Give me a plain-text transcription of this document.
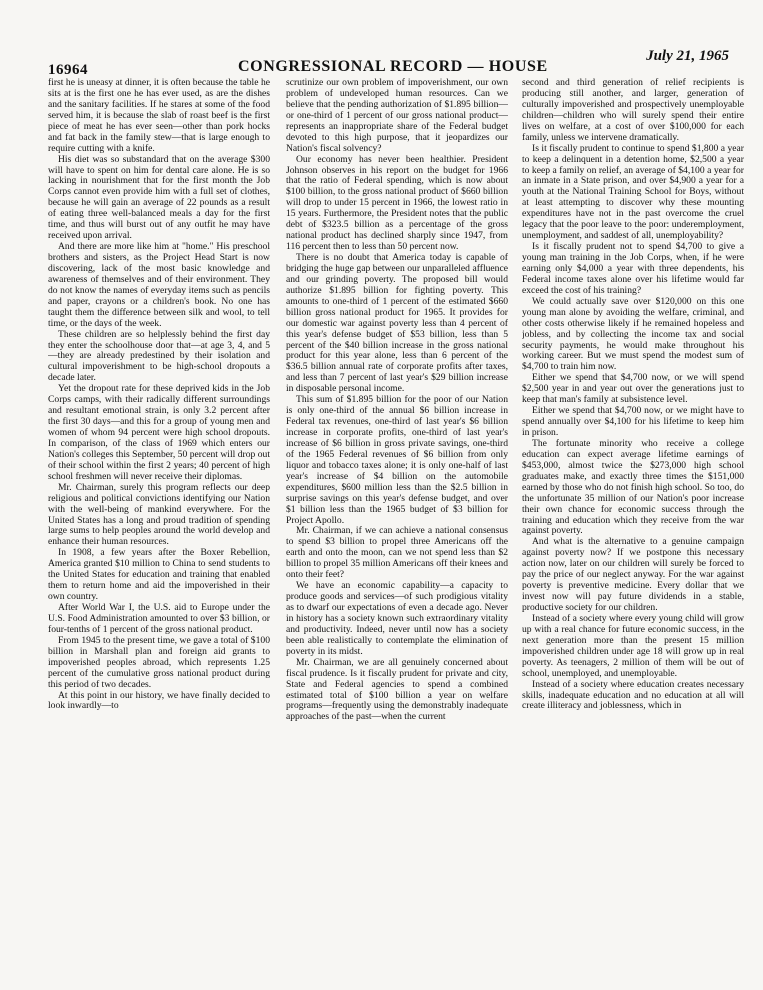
16964	CONGRESSIONAL RECORD — HOUSE
July 21, 1965

first he is uneasy at dinner, it is often because the table he sits at is the first one he has ever used, as are the dishes and the sanitary facilities. If he stares at some of the food served him, it is because the slab of roast beef is the first piece of meat he has ever seen—other than pork hocks and fat back in the family stew—that is large enough to require cutting with a knife.

His diet was so substandard that on the average $300 will have to spent on him for dental care alone. He is so lacking in nourishment that for the first month the Job Corps cannot even provide him with a full set of clothes, because he will gain an average of 22 pounds as a result of eating three well-balanced meals a day for the first time, and thus will burst out of any outfit he may have received upon arrival.

And there are more like him at "home." His preschool brothers and sisters, as the Project Head Start is now discovering, lack of the most basic knowledge and awareness of themselves and of their environment. They do not know the names of everyday items such as pencils and paper, crayons or a children's book. No one has taught them the difference between silk and wool, to tell time, or the days of the week.

These children are so helplessly behind the first day they enter the schoolhouse door that—at age 3, 4, and 5—they are already predestined by their isolation and cultural impoverishment to be high-school dropouts a decade later.

Yet the dropout rate for these deprived kids in the Job Corps camps, with their radically different surroundings and resultant emotional strain, is only 3.2 percent after the first 30 days—and this for a group of young men and women of whom 94 percent were high school dropouts. In comparison, of the class of 1969 which enters our Nation's colleges this September, 50 percent will drop out of their school within the first 2 years; 40 percent of high school freshmen will never receive their diplomas.

Mr. Chairman, surely this program reflects our deep religious and political convictions identifying our Nation with the well-being of mankind everywhere. For the United States has a long and proud tradition of spending large sums to help peoples around the world develop and enhance their human resources.

In 1908, a few years after the Boxer Rebellion, America granted $10 million to China to send students to the United States for education and training that enabled them to return home and aid the impoverished in their own country.

After World War I, the U.S. aid to Europe under the U.S. Food Administration amounted to over $3 billion, or four-tenths of 1 percent of the gross national product.

From 1945 to the present time, we gave a total of $100 billion in Marshall plan and foreign aid grants to impoverished peoples abroad, which represents 1.25 percent of the cumulative gross national product during this period of two decades.

At this point in our history, we have finally decided to look inwardly—to

scrutinize our own problem of impoverishment, our own problem of undeveloped human resources. Can we believe that the pending authorization of $1.895 billion—or one-third of 1 percent of our gross national product—represents an inappropriate share of the Federal budget devoted to this high purpose, that it jeopardizes our Nation's fiscal solvency?

Our economy has never been healthier. President Johnson observes in his report on the budget for 1966 that the ratio of Federal spending, which is now about $100 billion, to the gross national product of $660 billion will drop to under 15 percent in 1966, the lowest ratio in 15 years. Furthermore, the President notes that the public debt of $323.5 billion as a percentage of the gross national product has declined sharply since 1947, from 116 percent then to less than 50 percent now.

There is no doubt that America today is capable of bridging the huge gap between our unparalleled affluence and our grinding poverty. The proposed bill would authorize $1.895 billion for fighting poverty. This amounts to one-third of 1 percent of the estimated $660 billion gross national product for 1965. It provides for our domestic war against poverty less than 4 percent of this year's defense budget of $53 billion, less than 5 percent of the $40 billion increase in the gross national product for this year alone, less than 6 percent of the $36.5 billion annual rate of corporate profits after taxes, and less than 7 percent of last year's $29 billion increase in disposable personal income.

This sum of $1.895 billion for the poor of our Nation is only one-third of the annual $6 billion increase in Federal tax revenues, one-third of last year's $6 billion increase in corporate profits, one-third of last year's increase of $6 billion in gross private savings, one-third of the 1965 Federal revenues of $6 billion from only liquor and tobacco taxes alone; it is only one-half of last year's increase of $4 billion on the automobile expenditures, $600 million less than the $2.5 billion in surprise savings on this year's defense budget, and over $1 billion less than the 1965 budget of $3 billion for Project Apollo.

Mr. Chairman, if we can achieve a national consensus to spend $3 billion to propel three Americans off the earth and onto the moon, can we not spend less than $2 billion to propel 35 million Americans off their knees and onto their feet?

We have an economic capability—a capacity to produce goods and services—of such prodigious vitality as to dwarf our expectations of even a decade ago. Never in history has a society known such extraordinary vitality and productivity. Indeed, never until now has a society been able realistically to contemplate the elimination of poverty in its midst.

Mr. Chairman, we are all genuinely concerned about fiscal prudence. Is it fiscally prudent for private and city, State and Federal agencies to spend a combined estimated total of $100 billion a year on welfare programs—frequently using the demonstrably inadequate approaches of the past—when the current

second and third generation of relief recipients is producing still another, and larger, generation of culturally impoverished and prospectively unemployable children—children who will surely spend their entire lives on welfare, at a cost of over $100,000 for each family, unless we intervene dramatically.

Is it fiscally prudent to continue to spend $1,800 a year to keep a delinquent in a detention home, $2,500 a year to keep a family on relief, an average of $4,100 a year for an inmate in a State prison, and over $4,900 a year for a youth at the National Training School for Boys, without at least attempting to discover why these mounting expenditures have not in the past overcome the cruel legacy that the poor leave to the poor: underemployment, unemployment, and saddest of all, unemployability?

Is it fiscally prudent not to spend $4,700 to give a young man training in the Job Corps, when, if he were earning only $4,000 a year with three dependents, his Federal income taxes alone over his lifetime would far exceed the cost of his training?

We could actually save over $120,000 on this one young man alone by avoiding the welfare, criminal, and other costs otherwise likely if he remained hopeless and jobless, and by collecting the income tax and social security payments, he would make throughout his working career. But we must spend the modest sum of $4,700 to train him now.

Either we spend that $4,700 now, or we will spend $2,500 year in and year out over the generations just to keep that man's family at subsistence level.

Either we spend that $4,700 now, or we might have to spend annually over $4,100 for his lifetime to keep him in prison.

The fortunate minority who receive a college education can expect average lifetime earnings of $453,000, almost twice the $273,000 high school graduates make, and exactly three times the $151,000 earned by those who do not finish high school. So too, do the unfortunate 35 million of our Nation's poor increase their own chance for economic success through the training and education which they receive from the war against poverty.

And what is the alternative to a genuine campaign against poverty now? If we postpone this necessary action now, later on our children will surely be forced to pay the price of our neglect anyway. For the war against poverty is preventive medicine. Every dollar that we invest now will pay future dividends in a stable, productive society for our children.

Instead of a society where every young child will grow up with a real chance for future economic success, in the next generation more than the present 15 million impoverished children under age 18 will grow up in real poverty. As teenagers, 2 million of them will be out of school, unemployed, and unemployable.

Instead of a society where education creates necessary skills, inadequate education and no education at all will create illiteracy and joblessness, which in
